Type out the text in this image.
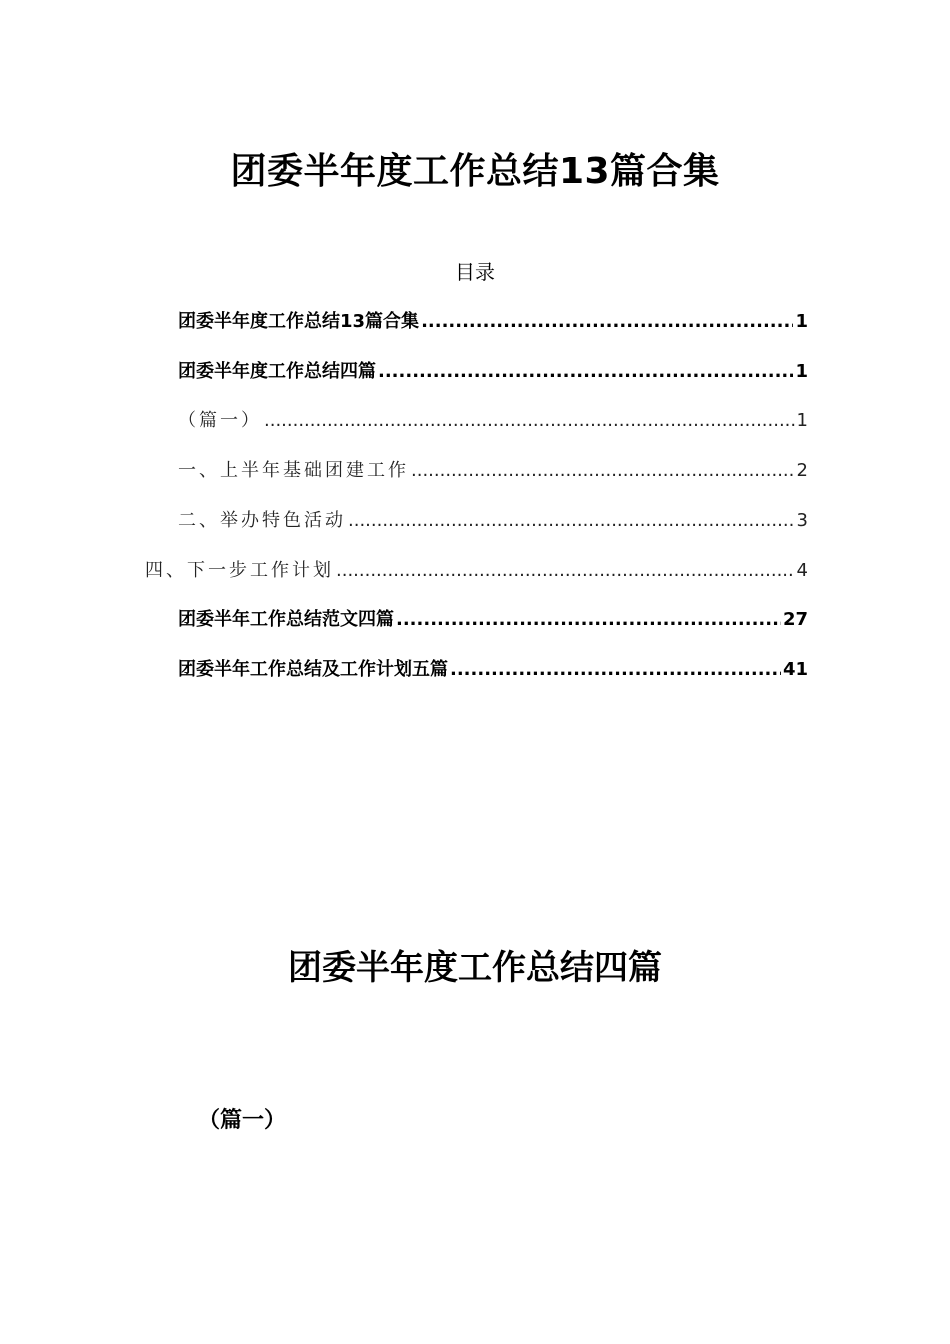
团委半年度工作总结13篇合集
目录
团委半年度工作总结13篇合集 .....	1
团委半年度工作总结四篇 .....	1
（篇一） .....	1
一、上半年基础团建工作 .....	2
二、举办特色活动 .....	3
四、下一步工作计划 .....	4
团委半年工作总结范文四篇 .....	27
团委半年工作总结及工作计划五篇 .....	41
团委半年度工作总结四篇
（篇一）
